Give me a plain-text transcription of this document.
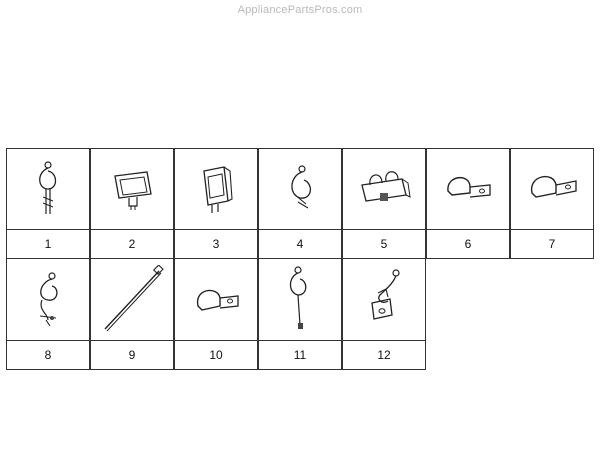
AppliancePartsPros.com
1	2	3	4	5	6	7
8	9	10	11	12
